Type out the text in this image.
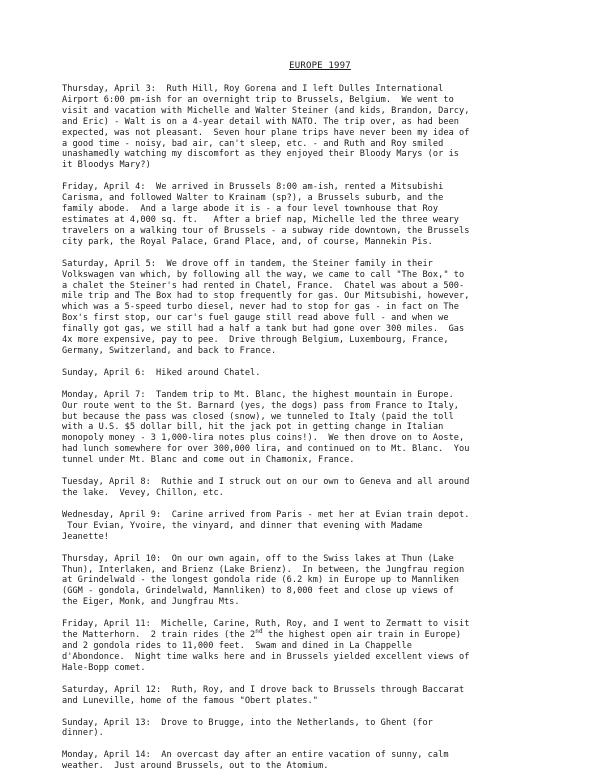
EUROPE 1997
Thursday, April 3:  Ruth Hill, Roy Gorena and I left Dulles International
Airport 6:00 pm-ish for an overnight trip to Brussels, Belgium.  We went to
visit and vacation with Michelle and Walter Steiner (and kids, Brandon, Darcy,
and Eric) - Walt is on a 4-year detail with NATO. The trip over, as had been
expected, was not pleasant.  Seven hour plane trips have never been my idea of
a good time - noisy, bad air, can't sleep, etc. - and Ruth and Roy smiled
unashamedly watching my discomfort as they enjoyed their Bloody Marys (or is
it Bloodys Mary?)
Friday, April 4:  We arrived in Brussels 8:00 am-ish, rented a Mitsubishi
Carisma, and followed Walter to Krainam (sp?), a Brussels suburb, and the
family abode.  And a large abode it is - a four level townhouse that Roy
estimates at 4,000 sq. ft.   After a brief nap, Michelle led the three weary
travelers on a walking tour of Brussels - a subway ride downtown, the Brussels
city park, the Royal Palace, Grand Place, and, of course, Mannekin Pis.
Saturday, April 5:  We drove off in tandem, the Steiner family in their
Volkswagen van which, by following all the way, we came to call "The Box," to
a chalet the Steiner's had rented in Chatel, France.  Chatel was about a 500-
mile trip and The Box had to stop frequently for gas. Our Mitsubishi, however,
which was a 5-speed turbo diesel, never had to stop for gas - in fact on The
Box's first stop, our car's fuel gauge still read above full - and when we
finally got gas, we still had a half a tank but had gone over 300 miles.  Gas
4x more expensive, pay to pee.  Drive through Belgium, Luxembourg, France,
Germany, Switzerland, and back to France.
Sunday, April 6:  Hiked around Chatel.
Monday, April 7:  Tandem trip to Mt. Blanc, the highest mountain in Europe.
Our route went to the St. Barnard (yes, the dogs) pass from France to Italy,
but because the pass was closed (snow), we tunneled to Italy (paid the toll
with a U.S. $5 dollar bill, hit the jack pot in getting change in Italian
monopoly money - 3 1,000-lira notes plus coins!).  We then drove on to Aoste,
had lunch somewhere for over 300,000 lira, and continued on to Mt. Blanc.  You
tunnel under Mt. Blanc and come out in Chamonix, France.
Tuesday, April 8:  Ruthie and I struck out on our own to Geneva and all around
the lake.  Vevey, Chillon, etc.
Wednesday, April 9:  Carine arrived from Paris - met her at Evian train depot.
Tour Evian, Yvoire, the vinyard, and dinner that evening with Madame
Jeanette!
Thursday, April 10:  On our own again, off to the Swiss lakes at Thun (Lake
Thun), Interlaken, and Brienz (Lake Brienz).  In between, the Jungfrau region
at Grindelwald - the longest gondola ride (6.2 km) in Europe up to Mannliken
(GGM - gondola, Grindelwald, Mannliken) to 8,000 feet and close up views of
the Eiger, Monk, and Jungfrau Mts.
Friday, April 11:  Michelle, Carine, Ruth, Roy, and I went to Zermatt to visit
the Matterhorn.  2 train rides (the 2nd the highest open air train in Europe)
and 2 gondola rides to 11,000 feet.  Swam and dined in La Chappelle
d'Abondonce.  Night time walks here and in Brussels yielded excellent views of
Hale-Bopp comet.
Saturday, April 12:  Ruth, Roy, and I drove back to Brussels through Baccarat
and Luneville, home of the famous "Obert plates."
Sunday, April 13:  Drove to Brugge, into the Netherlands, to Ghent (for
dinner).
Monday, April 14:  An overcast day after an entire vacation of sunny, calm
weather.  Just around Brussels, out to the Atomium.
